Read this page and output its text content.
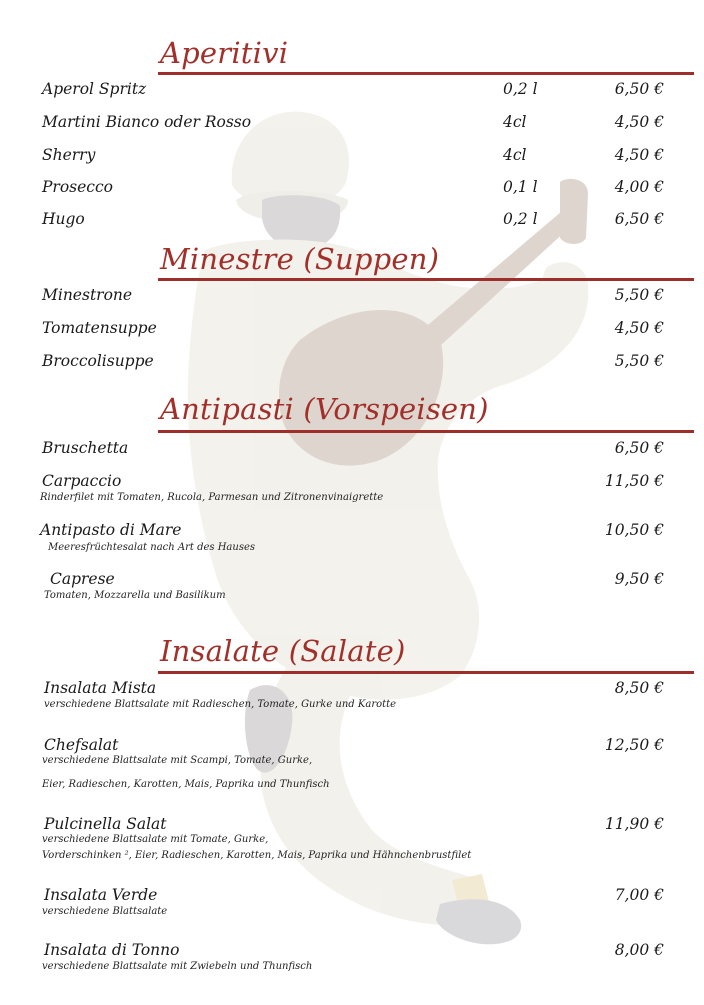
Aperitivi
Aperol Spritz	0,2 l	6,50 €
Martini Bianco oder Rosso	4cl	4,50 €
Sherry	4cl	4,50 €
Prosecco	0,1 l	4,00 €
Hugo	0,2 l	6,50 €
Minestre (Suppen)
Minestrone	5,50 €
Tomatensuppe	4,50 €
Broccolisuppe	5,50 €
Antipasti (Vorspeisen)
Bruschetta	6,50 €
Carpaccio	11,50 €
Rinderfilet mit Tomaten, Rucola, Parmesan und Zitronenvinaigrette
Antipasto di Mare	10,50 €
Meeresfrüchtesalat nach Art des Hauses
Caprese	9,50 €
Tomaten, Mozzarella und Basilikum
Insalate (Salate)
Insalata Mista	8,50 €
verschiedene Blattsalate mit Radieschen, Tomate, Gurke und Karotte
Chefsalat	12,50 €
verschiedene Blattsalate mit Scampi, Tomate, Gurke,
Eier, Radieschen, Karotten, Mais, Paprika und Thunfisch
Pulcinella Salat	11,90 €
verschiedene Blattsalate mit Tomate, Gurke,
Vorderschinken ², Eier, Radieschen, Karotten, Mais, Paprika und Hähnchenbrustfilet
Insalata Verde	7,00 €
verschiedene Blattsalate
Insalata di Tonno	8,00 €
verschiedene Blattsalate mit Zwiebeln und Thunfisch
